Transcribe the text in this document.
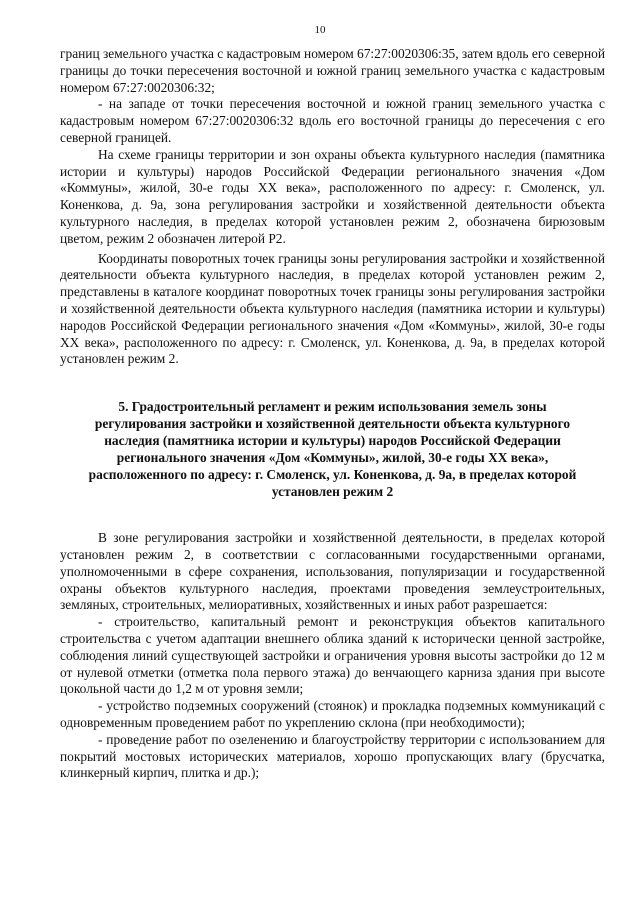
10

границ земельного участка с кадастровым номером 67:27:0020306:35, затем вдоль его северной границы до точки пересечения восточной и южной границ земельного участка с кадастровым номером 67:27:0020306:32;

- на западе от точки пересечения восточной и южной границ земельного участка с кадастровым номером 67:27:0020306:32 вдоль его восточной границы до пересечения с его северной границей.

На схеме границы территории и зон охраны объекта культурного наследия (памятника истории и культуры) народов Российской Федерации регионального значения «Дом «Коммуны», жилой, 30-е годы XX века», расположенного по адресу: г. Смоленск, ул. Коненкова, д. 9а, зона регулирования застройки и хозяйственной деятельности объекта культурного наследия, в пределах которой установлен режим 2, обозначена бирюзовым цветом, режим 2 обозначен литерой Р2.

Координаты поворотных точек границы зоны регулирования застройки и хозяйственной деятельности объекта культурного наследия, в пределах которой установлен режим 2, представлены в каталоге координат поворотных точек границы зоны регулирования застройки и хозяйственной деятельности объекта культурного наследия (памятника истории и культуры) народов Российской Федерации регионального значения «Дом «Коммуны», жилой, 30-е годы XX века», расположенного по адресу: г. Смоленск, ул. Коненкова, д. 9а, в пределах которой установлен режим 2.

5. Градостроительный регламент и режим использования земель зоны регулирования застройки и хозяйственной деятельности объекта культурного наследия (памятника истории и культуры) народов Российской Федерации регионального значения «Дом «Коммуны», жилой, 30-е годы XX века», расположенного по адресу: г. Смоленск, ул. Коненкова, д. 9а, в пределах которой установлен режим 2

В зоне регулирования застройки и хозяйственной деятельности, в пределах которой установлен режим 2, в соответствии с согласованными государственными органами, уполномоченными в сфере сохранения, использования, популяризации и государственной охраны объектов культурного наследия, проектами проведения землеустроительных, земляных, строительных, мелиоративных, хозяйственных и иных работ разрешается:

- строительство, капитальный ремонт и реконструкция объектов капитального строительства с учетом адаптации внешнего облика зданий к исторически ценной застройке, соблюдения линий существующей застройки и ограничения уровня высоты застройки до 12 м от нулевой отметки (отметка пола первого этажа) до венчающего карниза здания при высоте цокольной части до 1,2 м от уровня земли;

- устройство подземных сооружений (стоянок) и прокладка подземных коммуникаций с одновременным проведением работ по укреплению склона (при необходимости);

- проведение работ по озеленению и благоустройству территории с использованием для покрытий мостовых исторических материалов, хорошо пропускающих влагу (брусчатка, клинкерный кирпич, плитка и др.);
